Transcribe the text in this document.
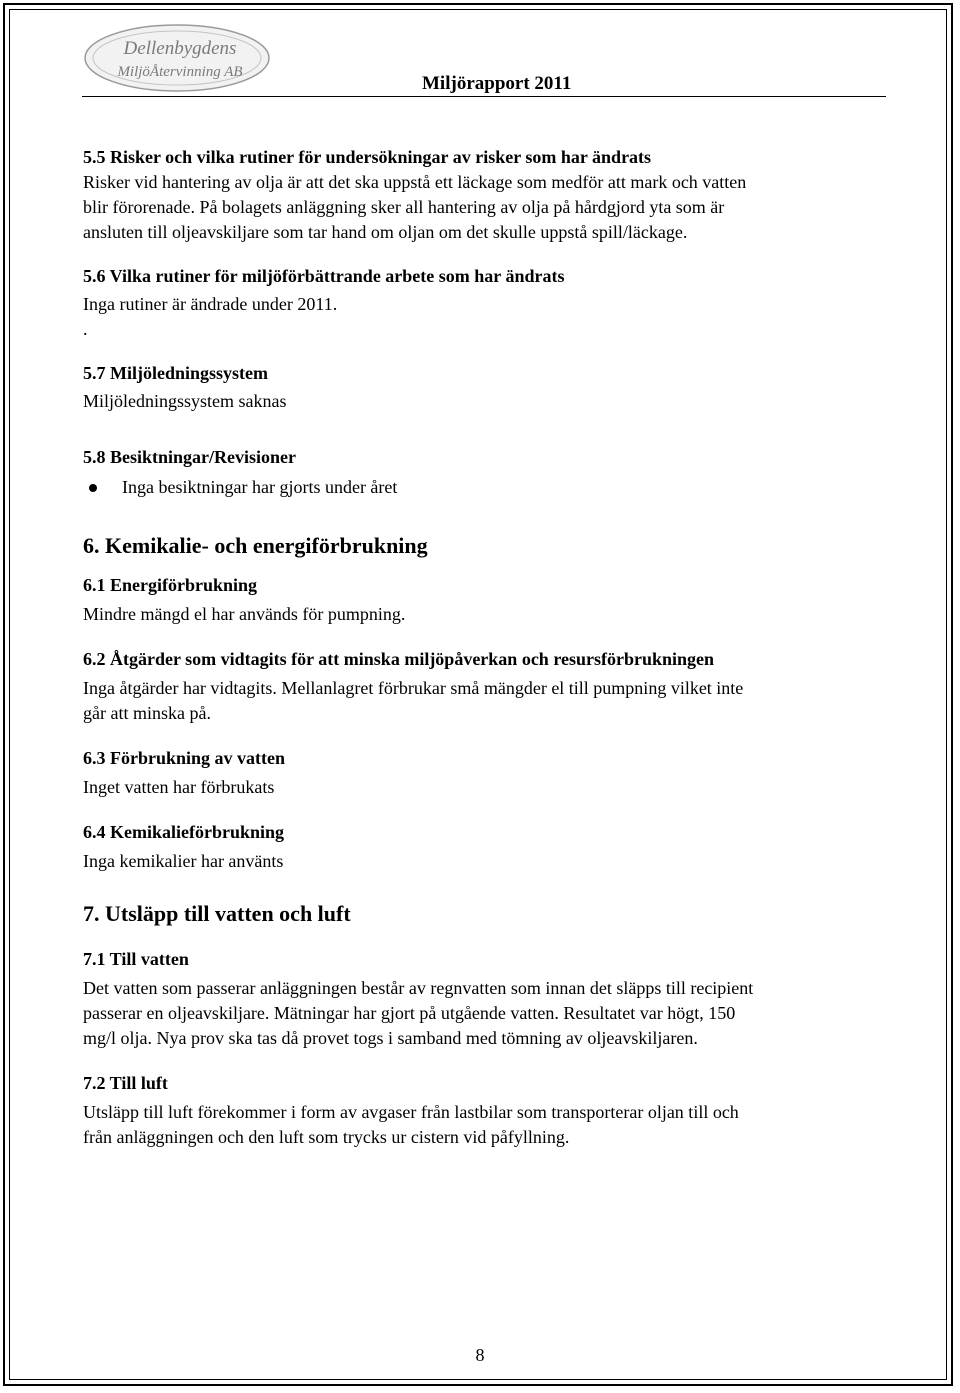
Dellenbygdens
MiljöÅtervinning AB
Miljörapport 2011

5.5 Risker och vilka rutiner för undersökningar av risker som har ändrats

Risker vid hantering av olja är att det ska uppstå ett läckage som medför att mark och vatten

blir förorenade. På bolagets anläggning sker all hantering av olja på hårdgjord yta som är

ansluten till oljeavskiljare som tar hand om oljan om det skulle uppstå spill/läckage.

5.6 Vilka rutiner för miljöförbättrande arbete som har ändrats

Inga rutiner är ändrade under 2011.

.

5.7 Miljöledningssystem

Miljöledningssystem saknas

5.8 Besiktningar/Revisioner

Inga besiktningar har gjorts under året

6. Kemikalie- och energiförbrukning

6.1 Energiförbrukning

Mindre mängd el har används för pumpning.

6.2 Åtgärder som vidtagits för att minska miljöpåverkan och resursförbrukningen

Inga åtgärder har vidtagits. Mellanlagret förbrukar små mängder el till pumpning vilket inte

går att minska på.

6.3 Förbrukning av vatten

Inget vatten har förbrukats

6.4 Kemikalieförbrukning

Inga kemikalier har använts

7. Utsläpp till vatten och luft

7.1 Till vatten

Det vatten som passerar anläggningen består av regnvatten som innan det släpps till recipient

passerar en oljeavskiljare. Mätningar har gjort på utgående vatten. Resultatet var högt, 150

mg/l olja. Nya prov ska tas då provet togs i samband med tömning av oljeavskiljaren.

7.2 Till luft

Utsläpp till luft förekommer i form av avgaser från lastbilar som transporterar oljan till och

från anläggningen och den luft som trycks ur cistern vid påfyllning.

8
